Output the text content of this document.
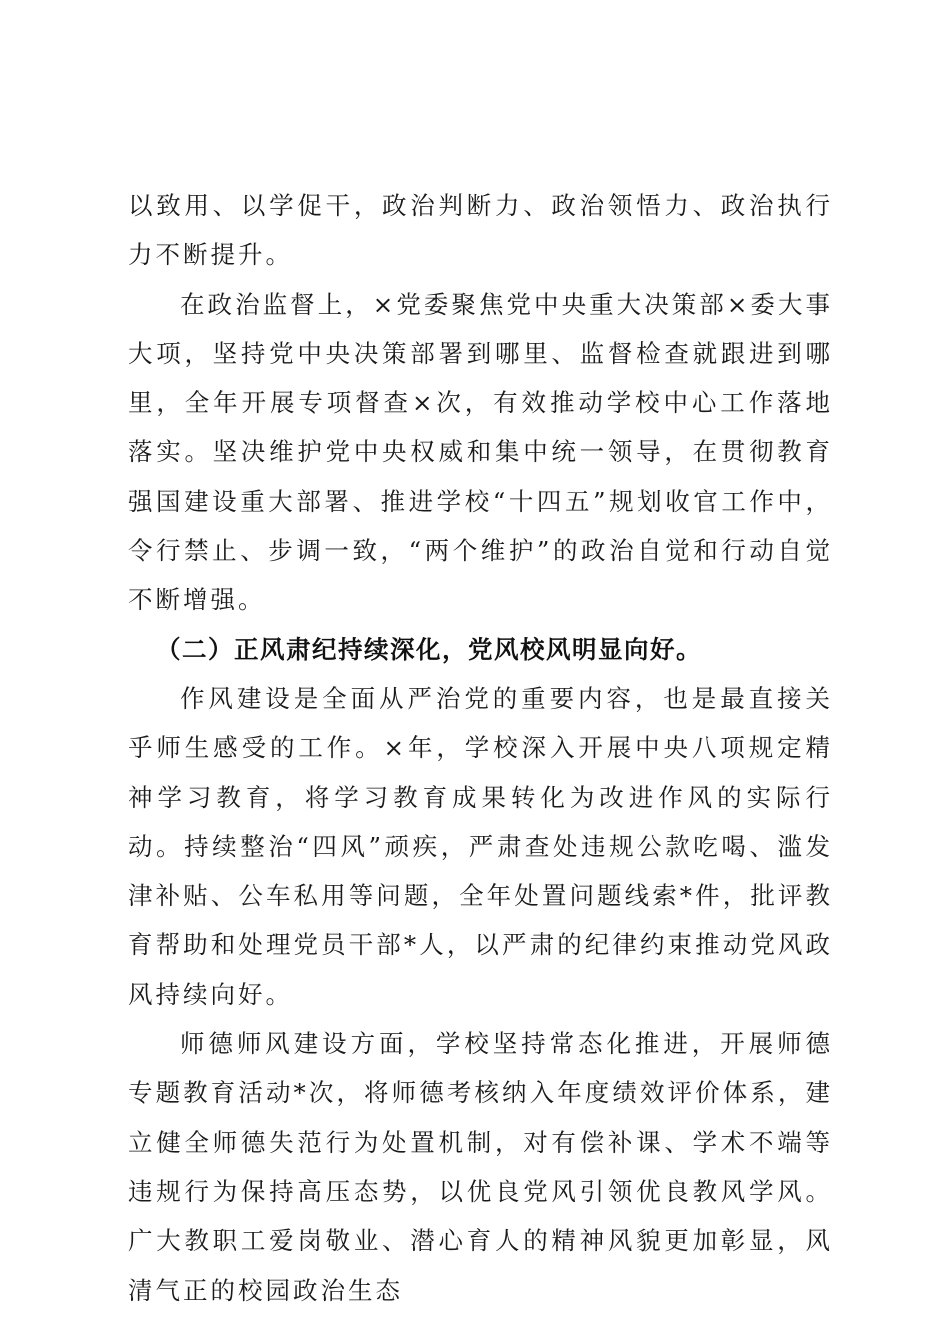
以致用、以学促干，政治判断力、政治领悟力、政治执行力不断提升。

在政治监督上，×党委聚焦党中央重大决策部×委大事大项，坚持党中央决策部署到哪里、监督检查就跟进到哪里，全年开展专项督查×次，有效推动学校中心工作落地落实。坚决维护党中央权威和集中统一领导，在贯彻教育强国建设重大部署、推进学校“十四五”规划收官工作中，令行禁止、步调一致，“两个维护”的政治自觉和行动自觉不断增强。

（二）正风肃纪持续深化，党风校风明显向好。

作风建设是全面从严治党的重要内容，也是最直接关乎师生感受的工作。×年，学校深入开展中央八项规定精神学习教育，将学习教育成果转化为改进作风的实际行动。持续整治“四风”顽疾，严肃查处违规公款吃喝、滥发津补贴、公车私用等问题，全年处置问题线索*件，批评教育帮助和处理党员干部*人，以严肃的纪律约束推动党风政风持续向好。

师德师风建设方面，学校坚持常态化推进，开展师德专题教育活动*次，将师德考核纳入年度绩效评价体系，建立健全师德失范行为处置机制，对有偿补课、学术不端等违规行为保持高压态势，以优良党风引领优良教风学风。广大教职工爱岗敬业、潜心育人的精神风貌更加彰显，风清气正的校园政治生态
